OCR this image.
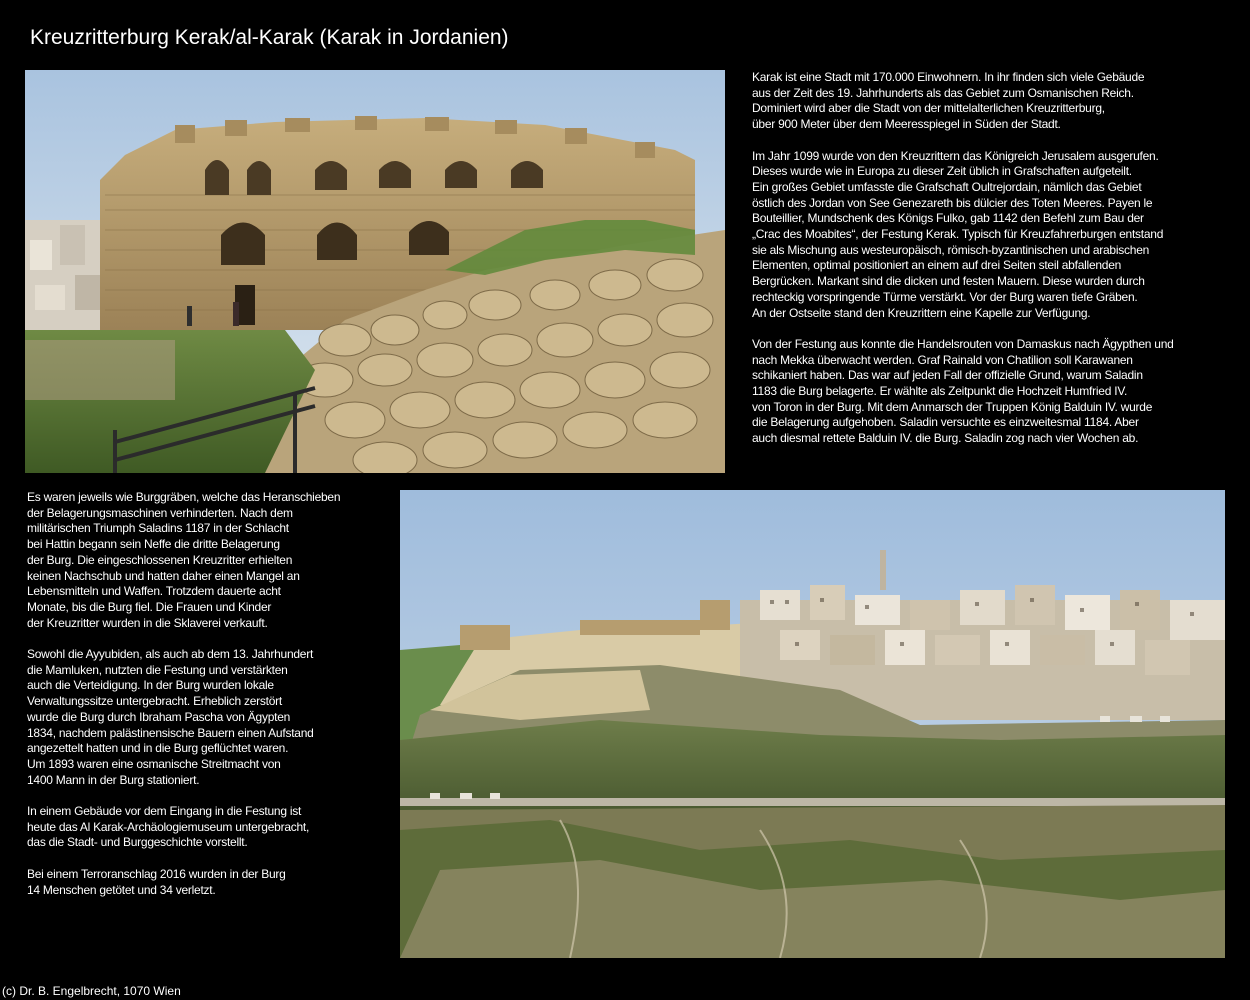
Kreuzritterburg Kerak/al-Karak (Karak in Jordanien)

Karak ist eine Stadt mit 170.000 Einwohnern. In ihr finden sich viele Gebäude
aus der Zeit des 19. Jahrhunderts als das Gebiet zum Osmanischen Reich.
Dominiert wird aber die Stadt von der mittelalterlichen Kreuzritterburg,
über 900 Meter über dem Meeresspiegel in Süden der Stadt.

Im Jahr 1099 wurde von den Kreuzrittern das Königreich Jerusalem ausgerufen.
Dieses wurde wie in Europa zu dieser Zeit üblich in Grafschaften aufgeteilt.
Ein großes Gebiet umfasste die Grafschaft Oultrejordain, nämlich das Gebiet
östlich des Jordan von See Genezareth bis dülcier des Toten Meeres. Payen le
Bouteillier, Mundschenk des Königs Fulko, gab 1142 den Befehl zum Bau der
„Crac des Moabites“, der Festung Kerak. Typisch für Kreuzfahrerburgen entstand
sie als Mischung aus westeuropäisch, römisch-byzantinischen und arabischen
Elementen, optimal positioniert an einem auf drei Seiten steil abfallenden
Bergrücken. Markant sind die dicken und festen Mauern. Diese wurden durch
rechteckig vorspringende Türme verstärkt. Vor der Burg waren tiefe Gräben.
An der Ostseite stand den Kreuzrittern eine Kapelle zur Verfügung.

Von der Festung aus konnte die Handelsrouten von Damaskus nach Ägypthen und
nach Mekka überwacht werden. Graf Rainald von Chatilion soll Karawanen
schikaniert haben. Das war auf jeden Fall der offizielle Grund, warum Saladin
1183 die Burg belagerte. Er wählte als Zeitpunkt die Hochzeit Humfried IV.
von Toron in der Burg. Mit dem Anmarsch der Truppen König Balduin IV. wurde
die Belagerung aufgehoben. Saladin versuchte es einzweitesmal 1184. Aber
auch diesmal rettete Balduin IV. die Burg. Saladin zog nach vier Wochen ab.

Es waren jeweils wie Burggräben, welche das Heranschieben
der Belagerungsmaschinen verhinderten. Nach dem
militärischen Triumph Saladins 1187 in der Schlacht
bei Hattin begann sein Neffe die dritte Belagerung
der Burg. Die eingeschlossenen Kreuzritter erhielten
keinen Nachschub und hatten daher einen Mangel an
Lebensmitteln und Waffen. Trotzdem dauerte acht
Monate, bis die Burg fiel. Die Frauen und Kinder
der Kreuzritter wurden in die Sklaverei verkauft.

Sowohl die Ayyubiden, als auch ab dem 13. Jahrhundert
die Mamluken, nutzten die Festung und verstärkten
auch die Verteidigung. In der Burg wurden lokale
Verwaltungssitze untergebracht. Erheblich zerstört
wurde die Burg durch Ibraham Pascha von Ägypten
1834, nachdem palästinensische Bauern einen Aufstand
angezettelt hatten und in die Burg geflüchtet waren.
Um 1893 waren eine osmanische Streitmacht von
1400 Mann in der Burg stationiert.

In einem Gebäude vor dem Eingang in die Festung ist
heute das Al Karak-Archäologiemuseum untergebracht,
das die Stadt- und Burggeschichte vorstellt.

Bei einem Terroranschlag 2016 wurden in der Burg
14 Menschen getötet und 34 verletzt.

(c) Dr. B. Engelbrecht, 1070 Wien
